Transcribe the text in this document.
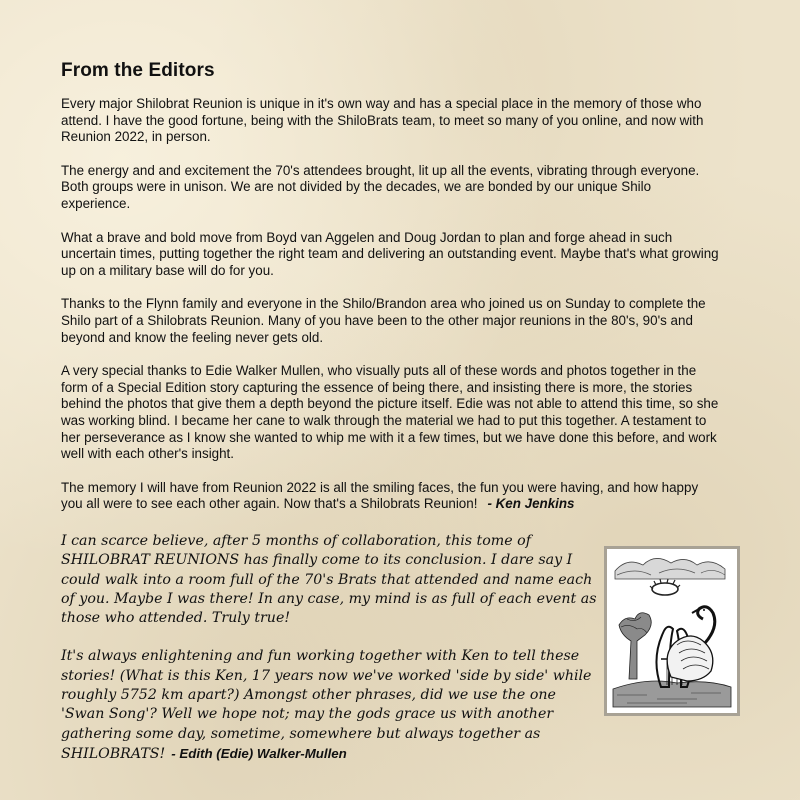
From the Editors

Every major Shilobrat Reunion is unique in it's own way and has a special place in the memory of those who attend. I have the good fortune, being with the ShiloBrats team, to meet so many of you online, and now with Reunion 2022, in person.

The energy and and excitement the 70's attendees brought, lit up all the events, vibrating through everyone. Both groups were in unison. We are not divided by the decades, we are bonded by our unique Shilo experience.

What a brave and bold move from Boyd van Aggelen and Doug Jordan to plan and forge ahead in such uncertain times, putting together the right team and delivering an outstanding event. Maybe that's what growing up on a military base will do for you.

Thanks to the Flynn family and everyone in the Shilo/Brandon area who joined us on Sunday to complete the Shilo part of a Shilobrats Reunion. Many of you have been to the other major reunions in the 80's, 90's and beyond and know the feeling never gets old.

A very special thanks to Edie Walker Mullen, who visually puts all of these words and photos together in the form of a Special Edition story capturing the essence of being there, and insisting there is more, the stories behind the photos that give them a depth beyond the picture itself. Edie was not able to attend this time, so she was working blind. I became her cane to walk through the material we had to put this together. A testament to her perseverance as I know she wanted to whip me with it a few times, but we have done this before, and work well with each other's insight.

The memory I will have from Reunion 2022 is all the smiling faces, the fun you were having, and how happy you all were to see each other again. Now that's a Shilobrats Reunion! - Ken Jenkins

I can scarce believe, after 5 months of collaboration, this tome of SHILOBRAT REUNIONS has finally come to its conclusion. I dare say I could walk into a room full of the 70's Brats that attended and name each of you. Maybe I was there! In any case, my mind is as full of each event as those who attended. Truly true!

It's always enlightening and fun working together with Ken to tell these stories! (What is this Ken, 17 years now we've worked 'side by side' while roughly 5752 km apart?) Amongst other phrases, did we use the one 'Swan Song'? Well we hope not; may the gods grace us with another gathering some day, sometime, somewhere but always together as SHILOBRATS! - Edith (Edie) Walker-Mullen
